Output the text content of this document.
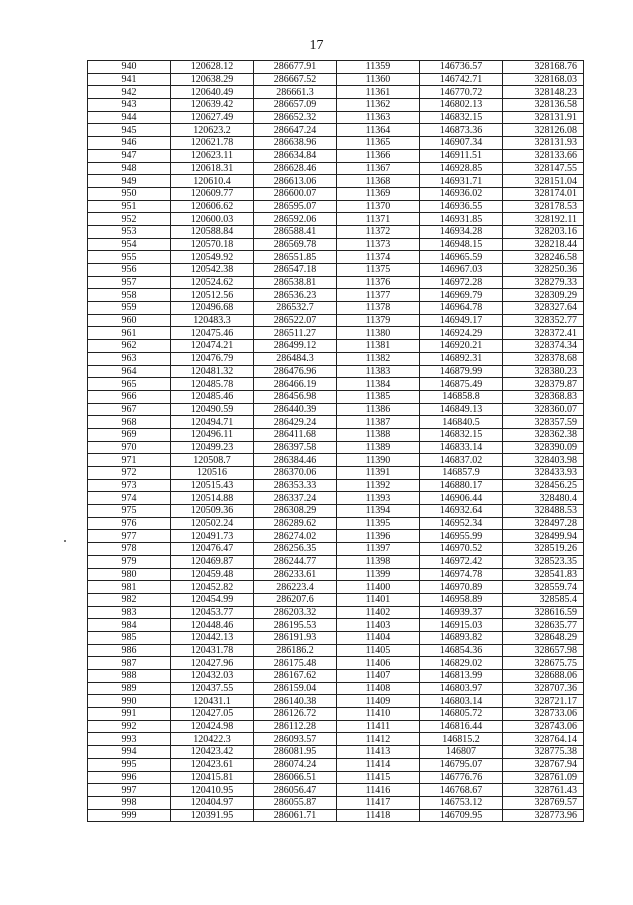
17
940	120628.12	286677.91	11359	146736.57	328168.76
941	120638.29	286667.52	11360	146742.71	328168.03
942	120640.49	286661.3	11361	146770.72	328148.23
943	120639.42	286657.09	11362	146802.13	328136.58
944	120627.49	286652.32	11363	146832.15	328131.91
945	120623.2	286647.24	11364	146873.36	328126.08
946	120621.78	286638.96	11365	146907.34	328131.93
947	120623.11	286634.84	11366	146911.51	328133.66
948	120618.31	286628.46	11367	146928.85	328147.55
949	120610.4	286613.06	11368	146931.71	328151.04
950	120609.77	286600.07	11369	146936.02	328174.01
951	120606.62	286595.07	11370	146936.55	328178.53
952	120600.03	286592.06	11371	146931.85	328192.11
953	120588.84	286588.41	11372	146934.28	328203.16
954	120570.18	286569.78	11373	146948.15	328218.44
955	120549.92	286551.85	11374	146965.59	328246.58
956	120542.38	286547.18	11375	146967.03	328250.36
957	120524.62	286538.81	11376	146972.28	328279.33
958	120512.56	286536.23	11377	146969.79	328309.29
959	120496.68	286532.7	11378	146964.78	328327.64
960	120483.3	286522.07	11379	146949.17	328352.77
961	120475.46	286511.27	11380	146924.29	328372.41
962	120474.21	286499.12	11381	146920.21	328374.34
963	120476.79	286484.3	11382	146892.31	328378.68
964	120481.32	286476.96	11383	146879.99	328380.23
965	120485.78	286466.19	11384	146875.49	328379.87
966	120485.46	286456.98	11385	146858.8	328368.83
967	120490.59	286440.39	11386	146849.13	328360.07
968	120494.71	286429.24	11387	146840.5	328357.59
969	120496.11	286411.68	11388	146832.15	328362.38
970	120499.23	286397.58	11389	146833.14	328390.09
971	120508.7	286384.46	11390	146837.02	328403.98
972	120516	286370.06	11391	146857.9	328433.93
973	120515.43	286353.33	11392	146880.17	328456.25
974	120514.88	286337.24	11393	146906.44	328480.4
975	120509.36	286308.29	11394	146932.64	328488.53
976	120502.24	286289.62	11395	146952.34	328497.28
977	120491.73	286274.02	11396	146955.99	328499.94
978	120476.47	286256.35	11397	146970.52	328519.26
979	120469.87	286244.77	11398	146972.42	328523.35
980	120459.48	286233.61	11399	146974.78	328541.83
981	120452.82	286223.4	11400	146970.89	328559.74
982	120454.99	286207.6	11401	146958.89	328585.4
983	120453.77	286203.32	11402	146939.37	328616.59
984	120448.46	286195.53	11403	146915.03	328635.77
985	120442.13	286191.93	11404	146893.82	328648.29
986	120431.78	286186.2	11405	146854.36	328657.98
987	120427.96	286175.48	11406	146829.02	328675.75
988	120432.03	286167.62	11407	146813.99	328688.06
989	120437.55	286159.04	11408	146803.97	328707.36
990	120431.1	286140.38	11409	146803.14	328721.17
991	120427.05	286126.72	11410	146805.72	328733.06
992	120424.98	286112.28	11411	146816.44	328743.06
993	120422.3	286093.57	11412	146815.2	328764.14
994	120423.42	286081.95	11413	146807	328775.38
995	120423.61	286074.24	11414	146795.07	328767.94
996	120415.81	286066.51	11415	146776.76	328761.09
997	120410.95	286056.47	11416	146768.67	328761.43
998	120404.97	286055.87	11417	146753.12	328769.57
999	120391.95	286061.71	11418	146709.95	328773.96
